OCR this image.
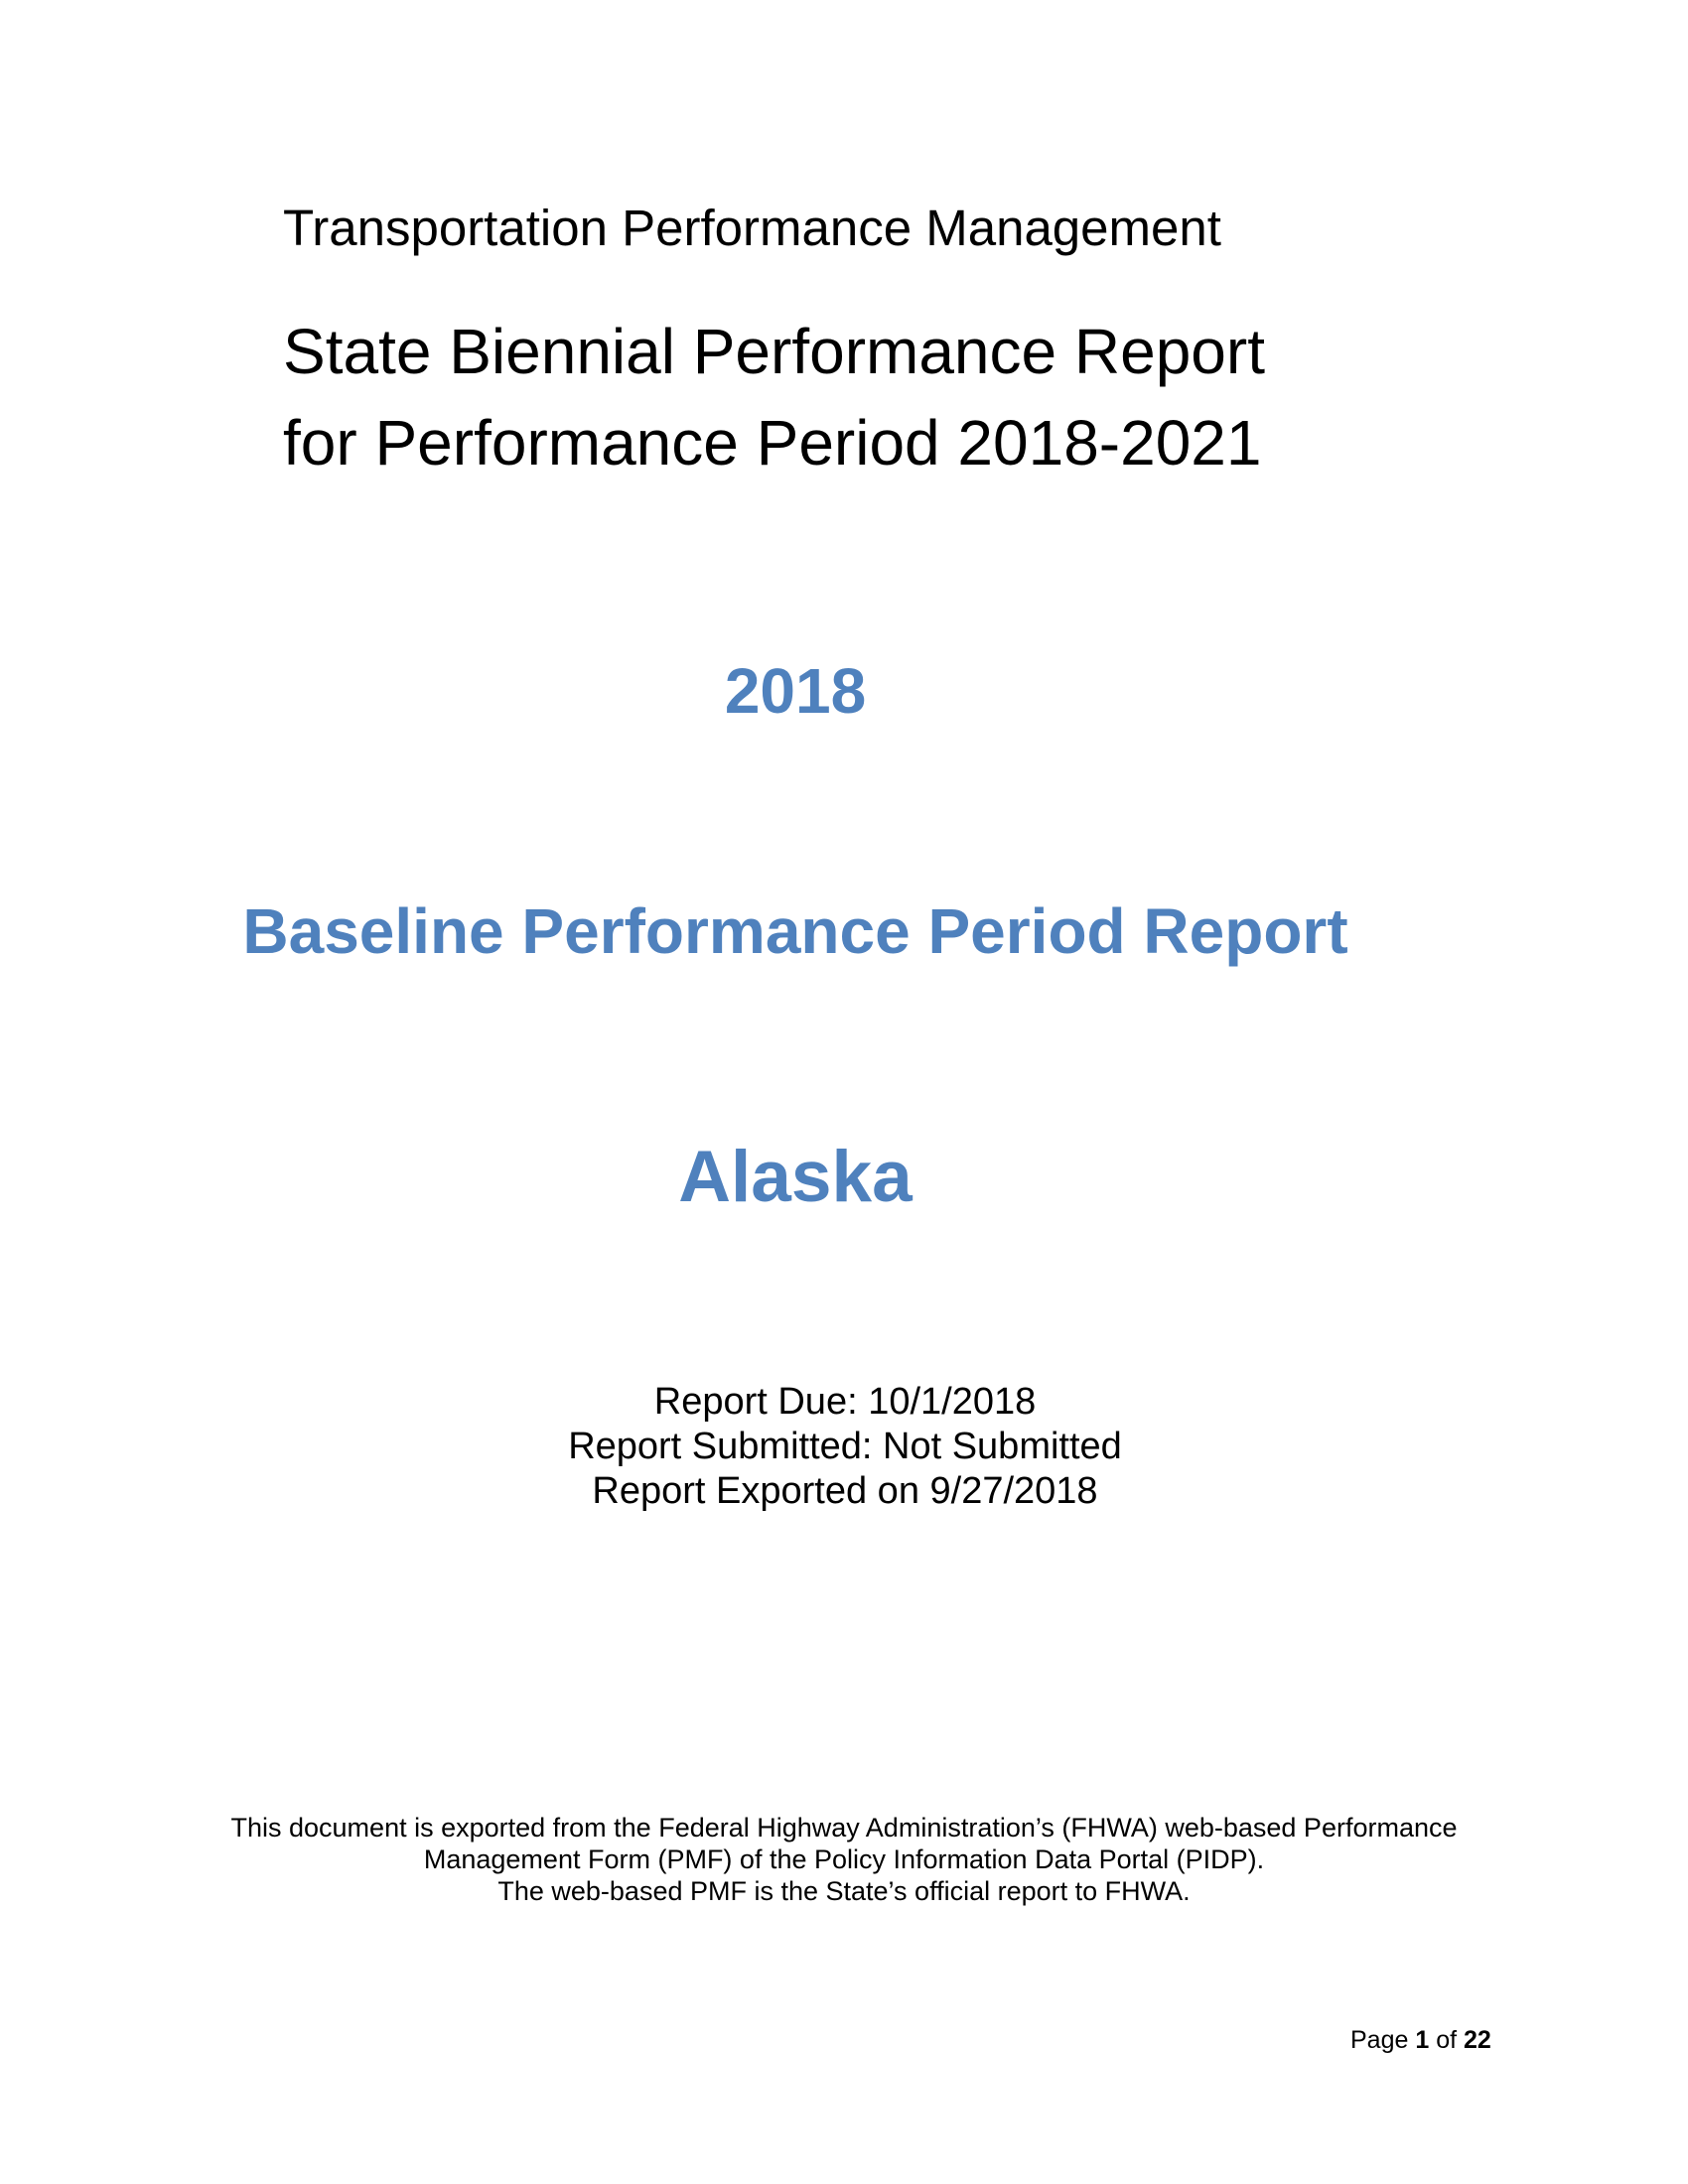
Transportation Performance Management
State Biennial Performance Report
for Performance Period 2018-2021
2018
Baseline Performance Period Report
Alaska
Report Due: 10/1/2018
Report Submitted: Not Submitted
Report Exported on 9/27/2018
This document is exported from the Federal Highway Administration’s (FHWA) web-based Performance
Management Form (PMF) of the Policy Information Data Portal (PIDP).
The web-based PMF is the State’s official report to FHWA.
Page 1 of 22
